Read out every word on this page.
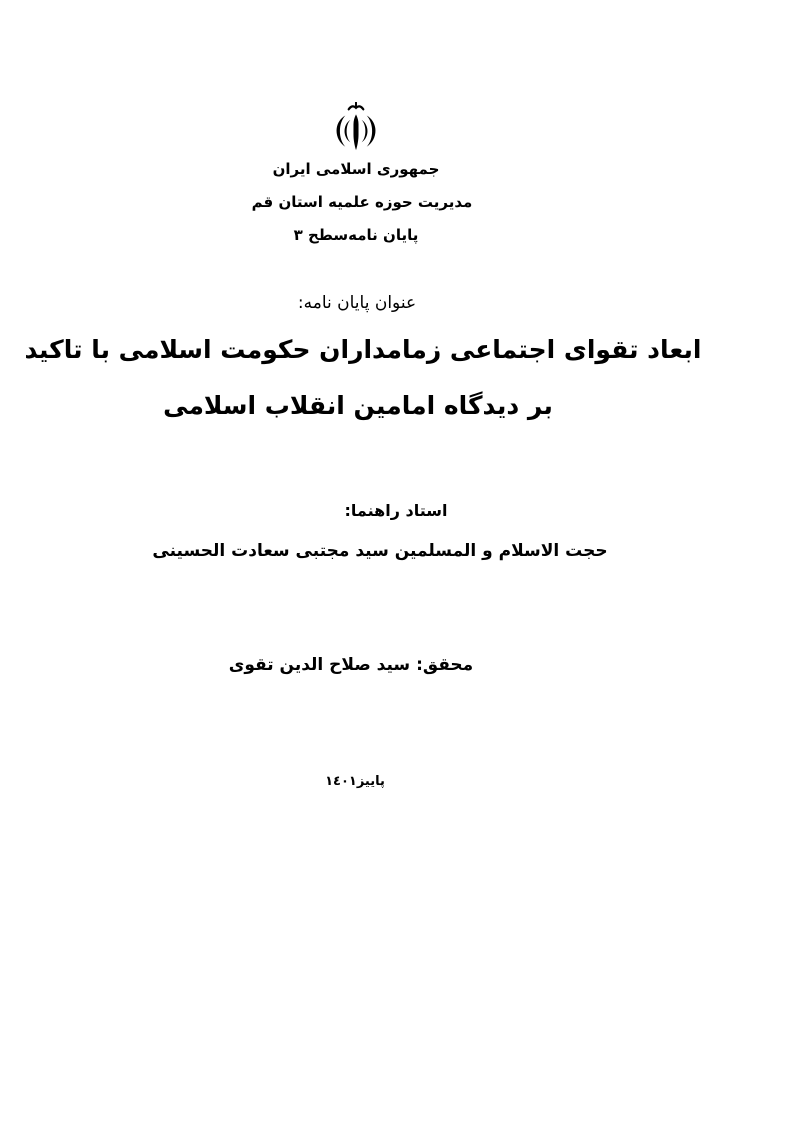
جمهوری اسلامی ایران
مدیریت حوزه علمیه استان قم
پایان نامه‌سطح ۳
عنوان پایان نامه:
ابعاد تقوای اجتماعی زمامداران حکومت اسلامی با تاکید
بر دیدگاه امامین انقلاب اسلامی
استاد راهنما:
حجت الاسلام و المسلمین سید مجتبی سعادت الحسینی
محقق: سید صلاح الدین تقوی
پاییز١٤٠١
